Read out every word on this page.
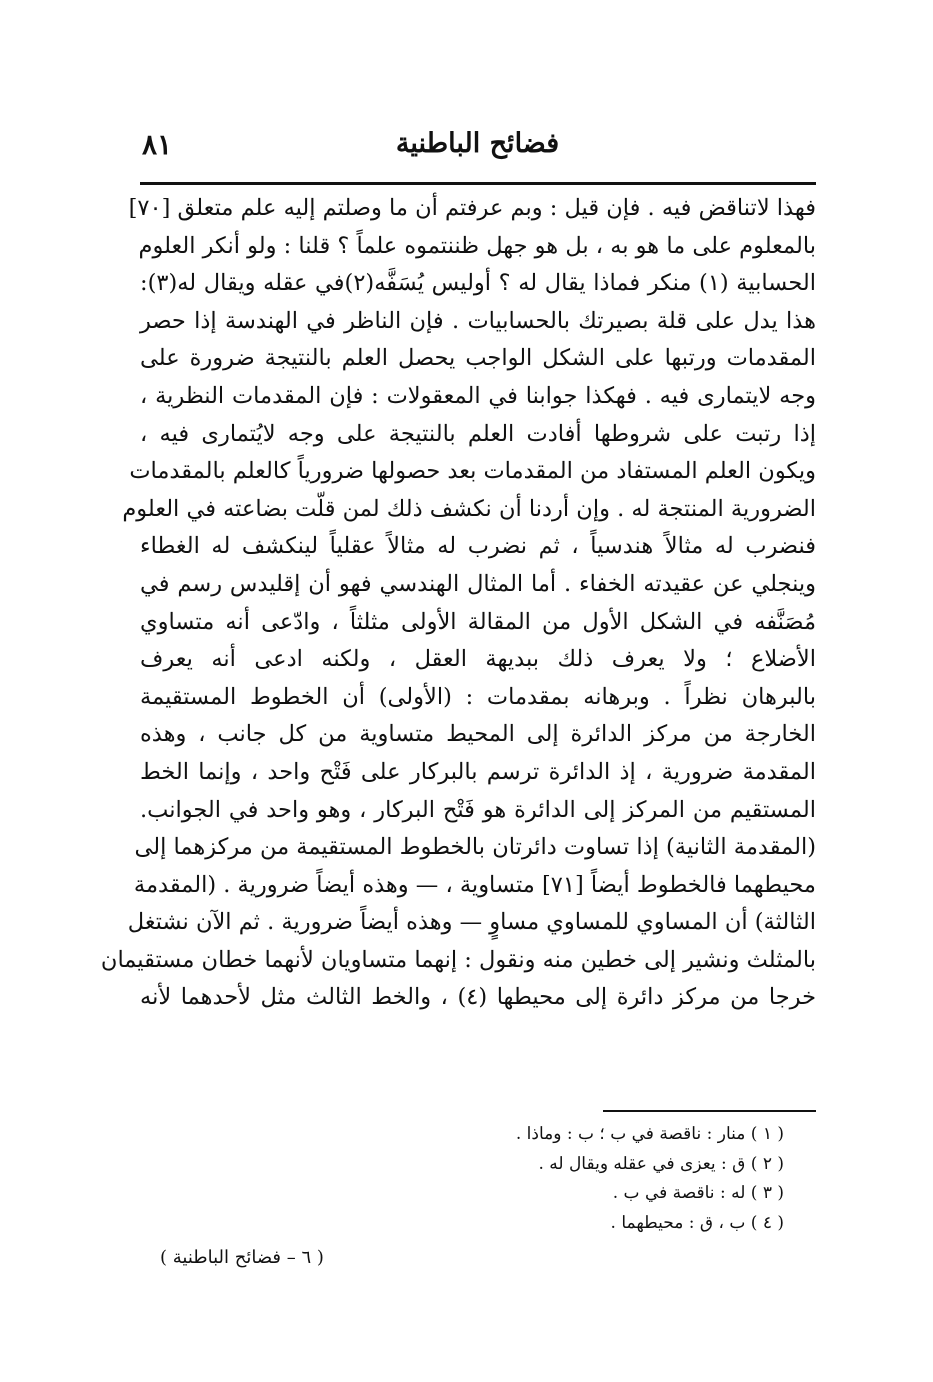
فضائح الباطنية
٨١
فهذا لاتناقض فيه . فإن قيل : وبم عرفتم أن ما وصلتم إليه علم متعلق [٧٠]
بالمعلوم على ما هو به ، بل هو جهل ظننتموه علماً ؟ قلنا : ولو أنكر العلوم
الحسابية (١) منكر فماذا يقال له ؟ أوليس يُسَفَّه(٢)في عقله ويقال له(٣):
هذا يدل على قلة بصيرتك بالحسابيات . فإن الناظر في الهندسة إذا حصر
المقدمات ورتبها على الشكل الواجب يحصل العلم بالنتيجة ضرورة على
وجه لايتمارى فيه . فهكذا جوابنا في المعقولات : فإن المقدمات النظرية ،
إذا رتبت على شروطها أفادت العلم بالنتيجة على وجه لايُتمارى فيه ،
ويكون العلم المستفاد من المقدمات بعد حصولها ضرورياً كالعلم بالمقدمات
الضرورية المنتجة له . وإن أردنا أن نكشف ذلك لمن قلّت بضاعته في العلوم
فنضرب له مثالاً هندسياً ، ثم نضرب له مثالاً عقلياً لينكشف له الغطاء
وينجلي عن عقيدته الخفاء . أما المثال الهندسي فهو أن إقليدس رسم في
مُصَنَّفه في الشكل الأول من المقالة الأولى مثلثاً ، وادّعى أنه متساوي
الأضلاع ؛ ولا يعرف ذلك ببديهة العقل ، ولكنه ادعى أنه يعرف
بالبرهان نظراً . وبرهانه بمقدمات : (الأولى) أن الخطوط المستقيمة
الخارجة من مركز الدائرة إلى المحيط متساوية من كل جانب ، وهذه
المقدمة ضرورية ، إذ الدائرة ترسم بالبركار على فَتْح واحد ، وإنما الخط
المستقيم من المركز إلى الدائرة هو فَتْح البركار ، وهو واحد في الجوانب.
(المقدمة الثانية) إذا تساوت دائرتان بالخطوط المستقيمة من مركزهما إلى
محيطهما فالخطوط أيضاً [٧١] متساوية ، — وهذه أيضاً ضرورية . (المقدمة
الثالثة) أن المساوي للمساوي مساوٍ — وهذه أيضاً ضرورية . ثم الآن نشتغل
بالمثلث ونشير إلى خطين منه ونقول : إنهما متساويان لأنهما خطان مستقيمان
خرجا من مركز دائرة إلى محيطها (٤) ، والخط الثالث مثل لأحدهما لأنه
( ١ ) منار : ناقصة في ب ؛ ب : وماذا .
( ٢ ) ق : يعزى في عقله ويقال له .
( ٣ ) له : ناقصة في ب .
( ٤ ) ب ، ق : محيطهما .
( ٦ – فضائح الباطنية )
